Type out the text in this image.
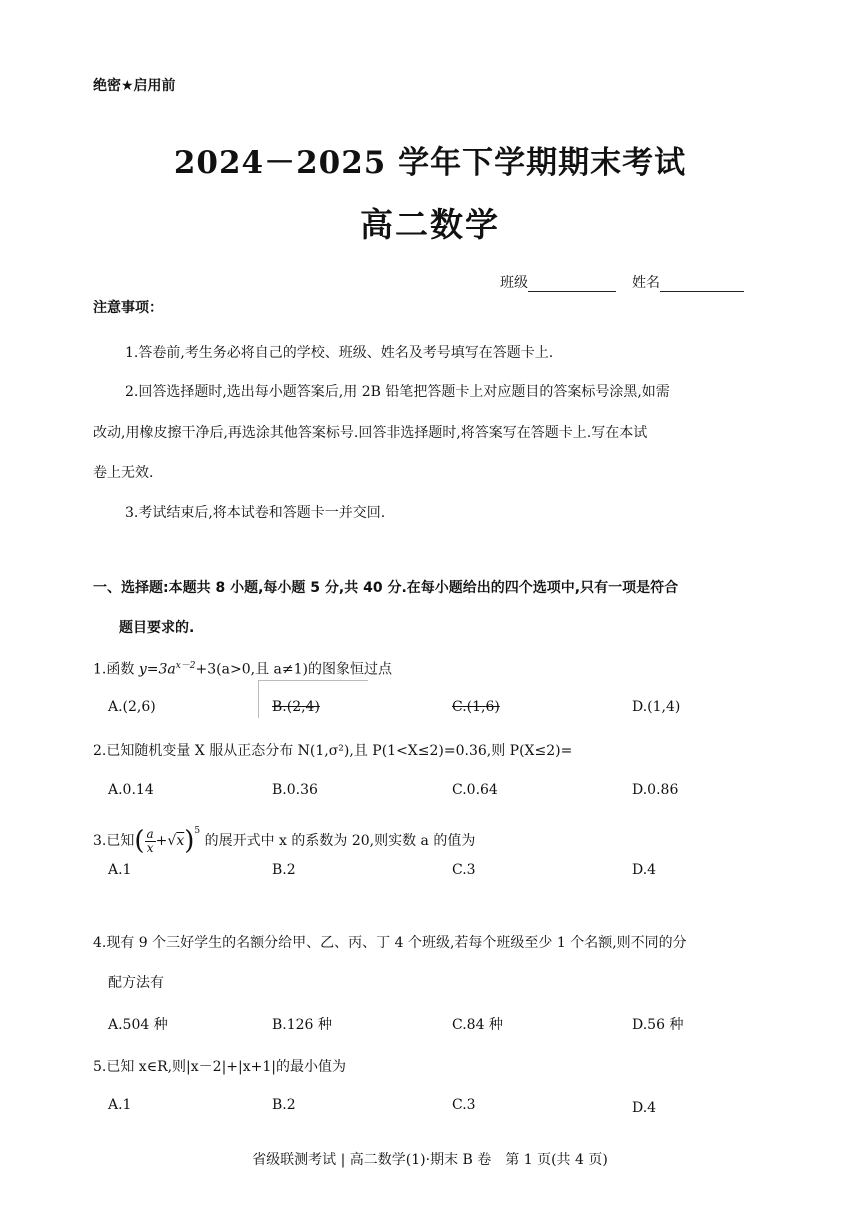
绝密★启用前
2024－2025 学年下学期期末考试
高二数学
班级	姓名
注意事项：
1.答卷前,考生务必将自己的学校、班级、姓名及考号填写在答题卡上.
2.回答选择题时,选出每小题答案后,用 2B 铅笔把答题卡上对应题目的答案标号涂黑,如需
改动,用橡皮擦干净后,再选涂其他答案标号.回答非选择题时,将答案写在答题卡上.写在本试
卷上无效.
3.考试结束后,将本试卷和答题卡一并交回.
一、选择题:本题共 8 小题,每小题 5 分,共 40 分.在每小题给出的四个选项中,只有一项是符合
题目要求的.
1.函数 $y=3a^{x-2}+3(a>0$,且 a≠1)的图象恒过点
A.(2,6)	B.(2,4)	C.(1,6)	D.(1,4)
2.已知随机变量 X 服从正态分布 N(1,σ²),且 P(1<X≤2)=0.36,则 P(X≤2)=
A.0.14	B.0.36	C.0.64	D.0.86
3.已知( $\frac{a}{x} +√x)^5$ 的展开式中 x 的系数为 20,则实数 a 的值为
A.1	B.2	C.3	D.4
4.现有 9 个三好学生的名额分给甲、乙、丙、丁 4 个班级,若每个班级至少 1 个名额,则不同的分
配方法有
A.504 种	B.126 种	C.84 种	D.56 种
5.已知 x∈R,则|x－2|+|x+1|的最小值为
A.1	B.2	C.3	D.4
省级联测考试 | 高二数学(1)·期末 B 卷　第 1 页(共 4 页)
